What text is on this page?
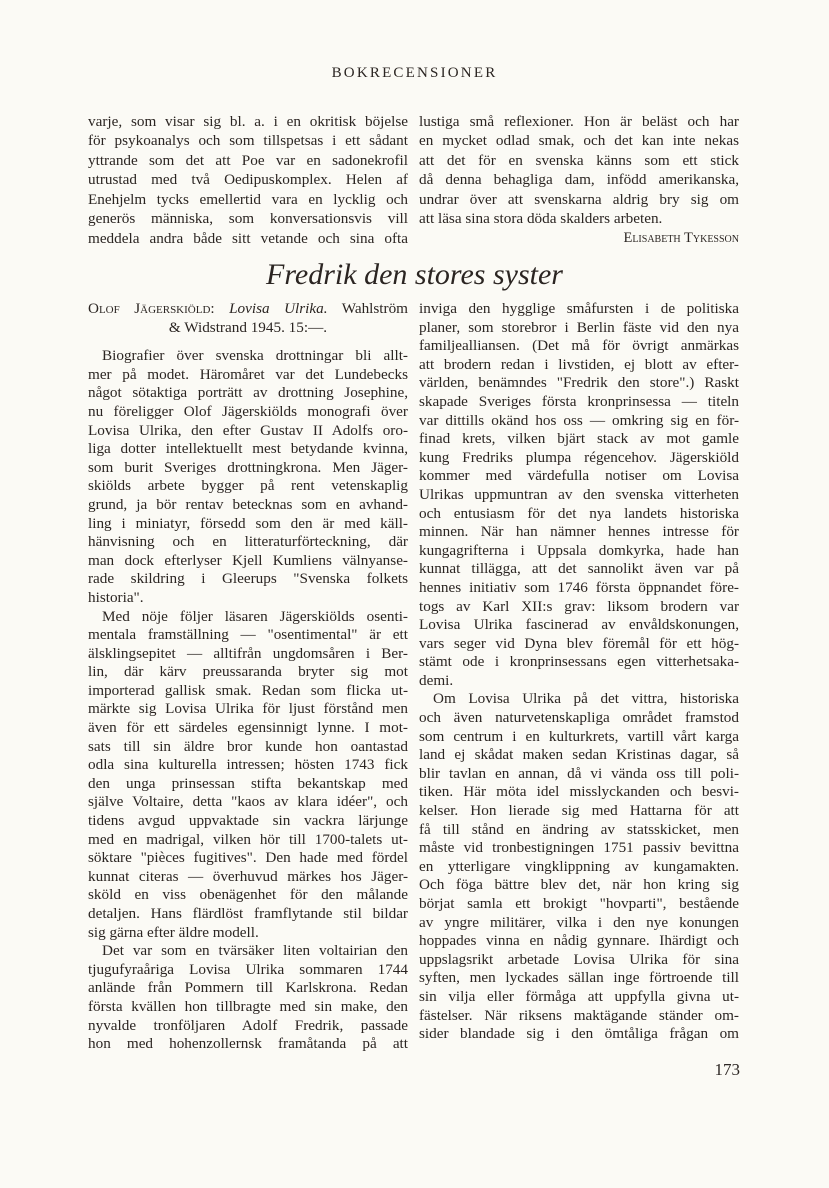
BOKRECENSIONER
varje, som visar sig bl. a. i en okritisk böjelse
för psykoanalys och som tillspetsas i ett sådant
yttrande som det att Poe var en sadonekrofil
utrustad med två Oedipuskomplex. Helen af
Enehjelm tycks emellertid vara en lycklig och
generös människa, som konversationsvis vill
meddela andra både sitt vetande och sina ofta
lustiga små reflexioner. Hon är beläst och har
en mycket odlad smak, och det kan inte nekas
att det för en svenska känns som ett stick
då denna behagliga dam, infödd amerikanska,
undrar över att svenskarna aldrig bry sig om
att läsa sina stora döda skalders arbeten.
Elisabeth Tykesson
Fredrik den stores syster
Olof Jägerskiöld: Lovisa Ulrika. Wahlström
& Widstrand 1945. 15:—.
Biografier över svenska drottningar bli allt-
mer på modet. Häromåret var det Lundebecks
något sötaktiga porträtt av drottning Josephine,
nu föreligger Olof Jägerskiölds monografi över
Lovisa Ulrika, den efter Gustav II Adolfs oro-
liga dotter intellektuellt mest betydande kvinna,
som burit Sveriges drottningkrona. Men Jäger-
skiölds arbete bygger på rent vetenskaplig
grund, ja bör rentav betecknas som en avhand-
ling i miniatyr, försedd som den är med käll-
hänvisning och en litteraturförteckning, där
man dock efterlyser Kjell Kumliens välnyanse-
rade skildring i Gleerups "Svenska folkets
historia".
Med nöje följer läsaren Jägerskiölds osenti-
mentala framställning — "osentimental" är ett
älsklingsepitet — alltifrån ungdomsåren i Ber-
lin, där kärv preussaranda bryter sig mot
importerad gallisk smak. Redan som flicka ut-
märkte sig Lovisa Ulrika för ljust förstånd men
även för ett särdeles egensinnigt lynne. I mot-
sats till sin äldre bror kunde hon oantastad
odla sina kulturella intressen; hösten 1743 fick
den unga prinsessan stifta bekantskap med
själve Voltaire, detta "kaos av klara idéer", och
tidens avgud uppvaktade sin vackra lärjunge
med en madrigal, vilken hör till 1700-talets ut-
söktare "pièces fugitives". Den hade med fördel
kunnat citeras — överhuvud märkes hos Jäger-
sköld en viss obenägenhet för den målande
detaljen. Hans flärdlöst framflytande stil bildar
sig gärna efter äldre modell.
Det var som en tvärsäker liten voltairian den
tjugufyraåriga Lovisa Ulrika sommaren 1744
anlände från Pommern till Karlskrona. Redan
första kvällen hon tillbragte med sin make, den
nyvalde tronföljaren Adolf Fredrik, passade
hon med hohenzollernsk framåtanda på att
inviga den hygglige småfursten i de politiska
planer, som storebror i Berlin fäste vid den nya
familjealliansen. (Det må för övrigt anmärkas
att brodern redan i livstiden, ej blott av efter-
världen, benämndes "Fredrik den store".) Raskt
skapade Sveriges första kronprinsessa — titeln
var dittills okänd hos oss — omkring sig en för-
finad krets, vilken bjärt stack av mot gamle
kung Fredriks plumpa régencehov. Jägerskiöld
kommer med värdefulla notiser om Lovisa
Ulrikas uppmuntran av den svenska vitterheten
och entusiasm för det nya landets historiska
minnen. När han nämner hennes intresse för
kungagrifterna i Uppsala domkyrka, hade han
kunnat tillägga, att det sannolikt även var på
hennes initiativ som 1746 första öppnandet före-
togs av Karl XII:s grav: liksom brodern var
Lovisa Ulrika fascinerad av envåldskonungen,
vars seger vid Dyna blev föremål för ett hög-
stämt ode i kronprinsessans egen vitterhetsaka-
demi.
Om Lovisa Ulrika på det vittra, historiska
och även naturvetenskapliga området framstod
som centrum i en kulturkrets, vartill vårt karga
land ej skådat maken sedan Kristinas dagar, så
blir tavlan en annan, då vi vända oss till poli-
tiken. Här möta idel misslyckanden och besvi-
kelser. Hon lierade sig med Hattarna för att
få till stånd en ändring av statsskicket, men
måste vid tronbestigningen 1751 passiv bevittna
en ytterligare vingklippning av kungamakten.
Och föga bättre blev det, när hon kring sig
börjat samla ett brokigt "hovparti", bestående
av yngre militärer, vilka i den nye konungen
hoppades vinna en nådig gynnare. Ihärdigt och
uppslagsrikt arbetade Lovisa Ulrika för sina
syften, men lyckades sällan inge förtroende till
sin vilja eller förmåga att uppfylla givna ut-
fästelser. När riksens maktägande ständer om-
sider blandade sig i den ömtåliga frågan om
173
